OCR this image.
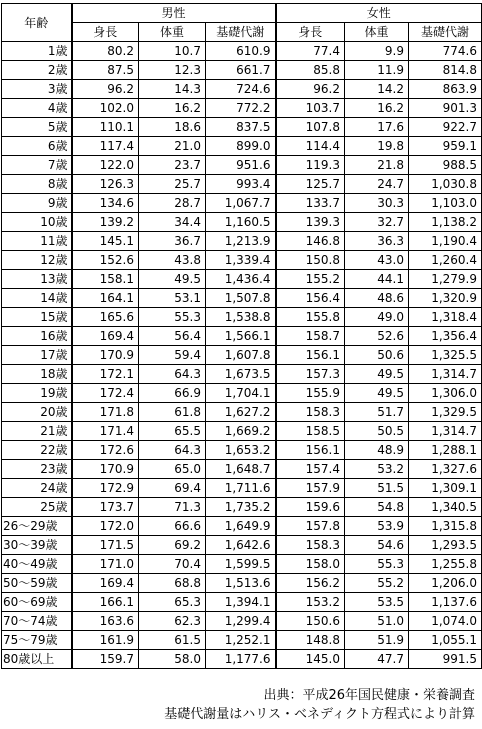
年齢	男性			女性		
	身長	体重	基礎代謝	身長	体重	基礎代謝
1歳	80.2	10.7	610.9	77.4	9.9	774.6
2歳	87.5	12.3	661.7	85.8	11.9	814.8
3歳	96.2	14.3	724.6	96.2	14.2	863.9
4歳	102.0	16.2	772.2	103.7	16.2	901.3
5歳	110.1	18.6	837.5	107.8	17.6	922.7
6歳	117.4	21.0	899.0	114.4	19.8	959.1
7歳	122.0	23.7	951.6	119.3	21.8	988.5
8歳	126.3	25.7	993.4	125.7	24.7	1,030.8
9歳	134.6	28.7	1,067.7	133.7	30.3	1,103.0
10歳	139.2	34.4	1,160.5	139.3	32.7	1,138.2
11歳	145.1	36.7	1,213.9	146.8	36.3	1,190.4
12歳	152.6	43.8	1,339.4	150.8	43.0	1,260.4
13歳	158.1	49.5	1,436.4	155.2	44.1	1,279.9
14歳	164.1	53.1	1,507.8	156.4	48.6	1,320.9
15歳	165.6	55.3	1,538.8	155.8	49.0	1,318.4
16歳	169.4	56.4	1,566.1	158.7	52.6	1,356.4
17歳	170.9	59.4	1,607.8	156.1	50.6	1,325.5
18歳	172.1	64.3	1,673.5	157.3	49.5	1,314.7
19歳	172.4	66.9	1,704.1	155.9	49.5	1,306.0
20歳	171.8	61.8	1,627.2	158.3	51.7	1,329.5
21歳	171.4	65.5	1,669.2	158.5	50.5	1,314.7
22歳	172.6	64.3	1,653.2	156.1	48.9	1,288.1
23歳	170.9	65.0	1,648.7	157.4	53.2	1,327.6
24歳	172.9	69.4	1,711.6	157.9	51.5	1,309.1
25歳	173.7	71.3	1,735.2	159.6	54.8	1,340.5
26〜29歳	172.0	66.6	1,649.9	157.8	53.9	1,315.8
30〜39歳	171.5	69.2	1,642.6	158.3	54.6	1,293.5
40〜49歳	171.0	70.4	1,599.5	158.0	55.3	1,255.8
50〜59歳	169.4	68.8	1,513.6	156.2	55.2	1,206.0
60〜69歳	166.1	65.3	1,394.1	153.2	53.5	1,137.6
70〜74歳	163.6	62.3	1,299.4	150.6	51.0	1,074.0
75〜79歳	161.9	61.5	1,252.1	148.8	51.9	1,055.1
80歳以上	159.7	58.0	1,177.6	145.0	47.7	991.5
出典：平成26年国民健康・栄養調査
基礎代謝量はハリス・ベネディクト方程式により計算
